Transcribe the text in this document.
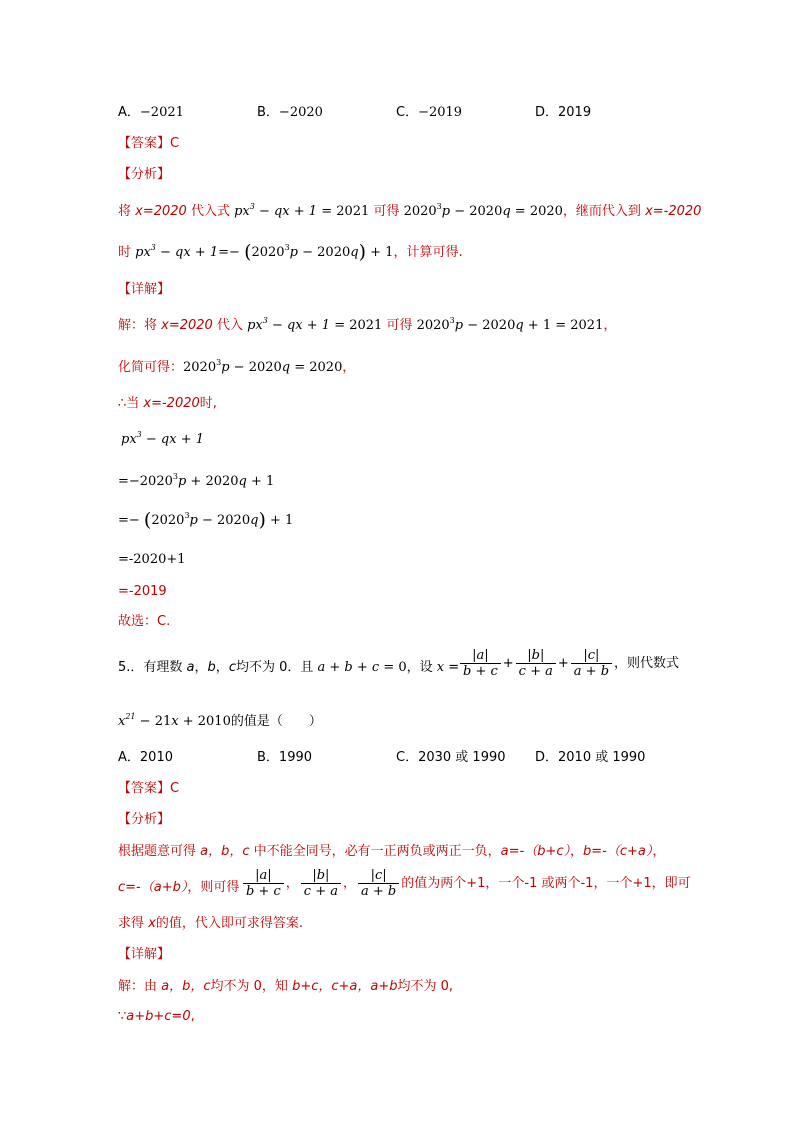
A．−2021	B．−2020	C．−2019	D．2019
【答案】C
【分析】
将 x=2020 代入式 $px^3$ − qx + 1 = 2021 可得 $2020^3p - 2020q = 2020$，继而代入到 x=-2020
时 $px^3$ − qx + $1=- (2020^3p - 2020q) + 1$，计算可得.
【详解】
解：将 x=2020 代入 $px^3$ − qx + 1 = 2021 可得 $2020^3p - 2020q + 1 = 2021$，
化简可得：$2020^3p - 2020q = 2020$，
∴当 x=-2020时,
$px^3$ − qx + 1
$=-2020^3p + 2020q + 1$
=− $(2020^3p - 2020q) + 1$
=-2020+1
=-2019
故选：C.
5.．有理数 a，b，c均不为 0．且 a + b + c = 0，设 $x = \frac{|a|}{b + c} + \frac{|b|}{c + a} + \frac{|c|}{a + b}$ ，则代数式
$x^{21} - 21x + 2010$的值是（　　）
A．2010	B．1990	C．2030 或 1990 D．2010 或 1990
【答案】C
【分析】
根据题意可得 a，b，c 中不能全同号，必有一正两负或两正一负，a=-（b+c），b=-（c+a），
c=-（a+b），则可得 $\frac{|a|}{b + c}$ ， $\frac{|b|}{c + a}$ ， $\frac{|c|}{a + b}$ 的值为两个+1，一个-1 或两个-1，一个+1，即可
求得 x的值，代入即可求得答案.
【详解】
解：由 a，b，c均不为 0，知 b+c，c+a，a+b均不为 0,
∵a+b+c=0,
